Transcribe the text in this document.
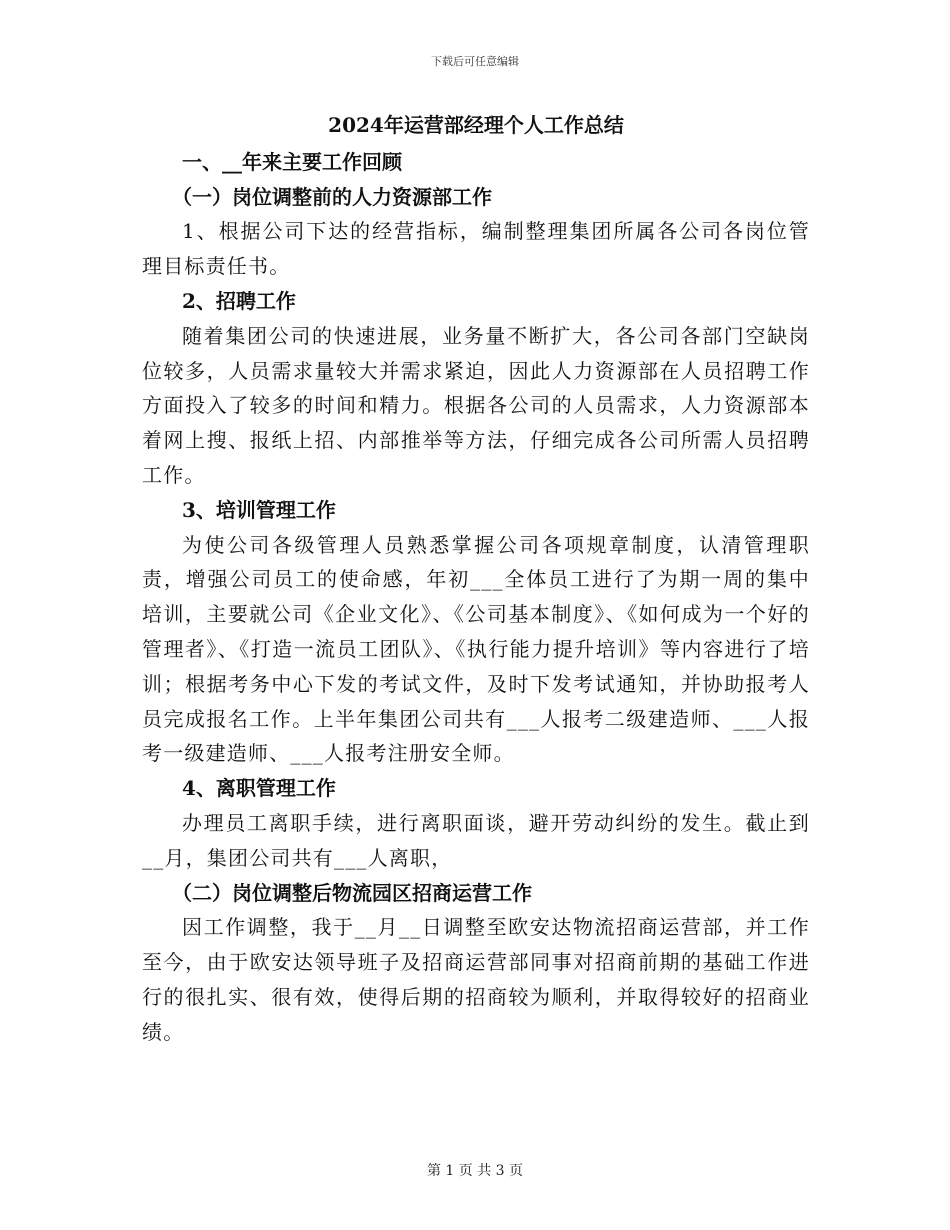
下载后可任意编辑

2024年运营部经理个人工作总结

一、__年来主要工作回顾

（一）岗位调整前的人力资源部工作

1、根据公司下达的经营指标，编制整理集团所属各公司各岗位管理目标责任书。

2、招聘工作

随着集团公司的快速进展，业务量不断扩大，各公司各部门空缺岗位较多，人员需求量较大并需求紧迫，因此人力资源部在人员招聘工作方面投入了较多的时间和精力。根据各公司的人员需求，人力资源部本着网上搜、报纸上招、内部推举等方法，仔细完成各公司所需人员招聘工作。

3、培训管理工作

为使公司各级管理人员熟悉掌握公司各项规章制度，认清管理职责，增强公司员工的使命感，年初___全体员工进行了为期一周的集中培训，主要就公司《企业文化》、《公司基本制度》、《如何成为一个好的管理者》、《打造一流员工团队》、《执行能力提升培训》等内容进行了培训；根据考务中心下发的考试文件，及时下发考试通知，并协助报考人员完成报名工作。上半年集团公司共有___人报考二级建造师、___人报考一级建造师、___人报考注册安全师。

4、离职管理工作

办理员工离职手续，进行离职面谈，避开劳动纠纷的发生。截止到__月，集团公司共有___人离职，

（二）岗位调整后物流园区招商运营工作

因工作调整，我于__月__日调整至欧安达物流招商运营部，并工作至今，由于欧安达领导班子及招商运营部同事对招商前期的基础工作进行的很扎实、很有效，使得后期的招商较为顺利，并取得较好的招商业绩。

第 1 页 共 3 页
